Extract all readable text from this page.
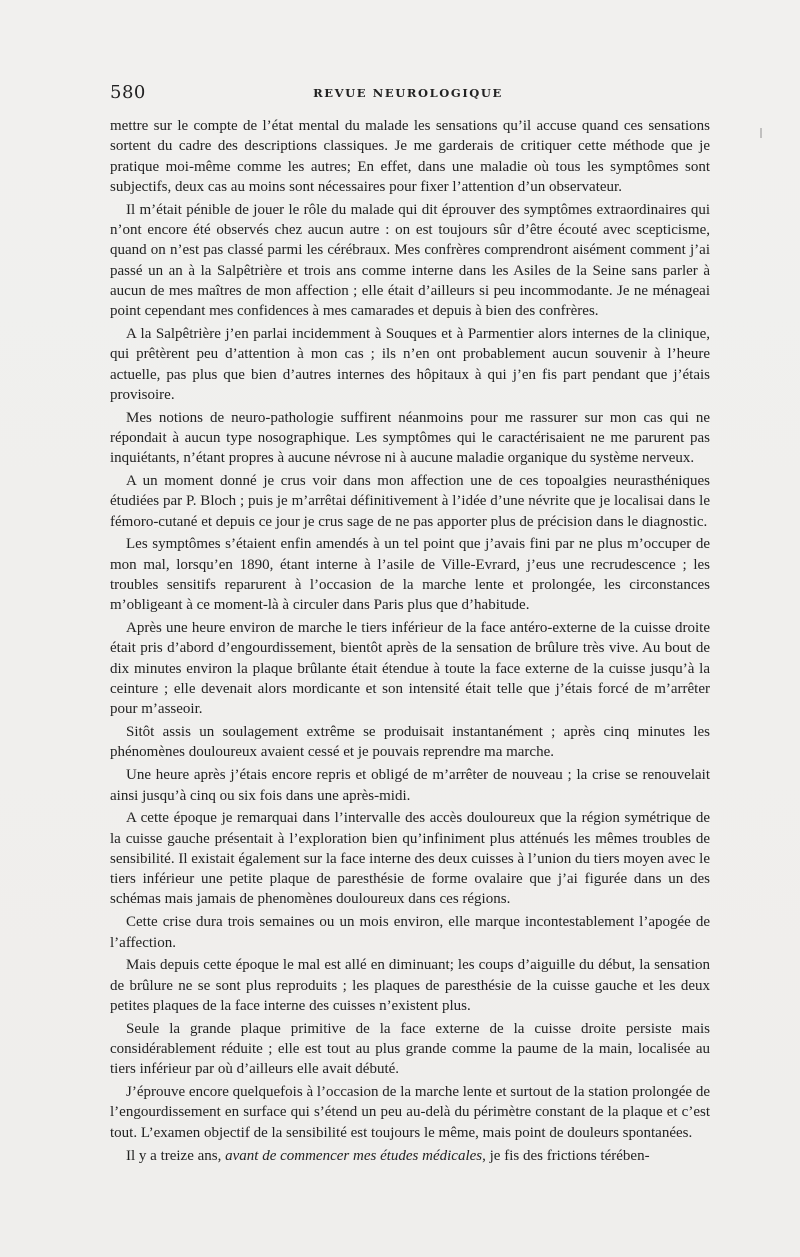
580	REVUE NEUROLOGIQUE

mettre sur le compte de l’état mental du malade les sensations qu’il accuse quand ces sensations sortent du cadre des descriptions classiques. Je me garderais de critiquer cette méthode que je pratique moi-même comme les autres; En effet, dans une maladie où tous les symptômes sont subjectifs, deux cas au moins sont nécessaires pour fixer l’attention d’un observateur.

Il m’était pénible de jouer le rôle du malade qui dit éprouver des symptômes extraordinaires qui n’ont encore été observés chez aucun autre : on est toujours sûr d’être écouté avec scepticisme, quand on n’est pas classé parmi les cérébraux. Mes confrères comprendront aisément comment j’ai passé un an à la Salpêtrière et trois ans comme interne dans les Asiles de la Seine sans parler à aucun de mes maîtres de mon affection ; elle était d’ailleurs si peu incommodante. Je ne ménageai point cependant mes confidences à mes camarades et depuis à bien des confrères.

A la Salpêtrière j’en parlai incidemment à Souques et à Parmentier alors internes de la clinique, qui prêtèrent peu d’attention à mon cas ; ils n’en ont probablement aucun souvenir à l’heure actuelle, pas plus que bien d’autres internes des hôpitaux à qui j’en fis part pendant que j’étais provisoire.

Mes notions de neuro-pathologie suffirent néanmoins pour me rassurer sur mon cas qui ne répondait à aucun type nosographique. Les symptômes qui le caractérisaient ne me parurent pas inquiétants, n’étant propres à aucune névrose ni à aucune maladie organique du système nerveux.

A un moment donné je crus voir dans mon affection une de ces topoalgies neurasthéniques étudiées par P. Bloch ; puis je m’arrêtai définitivement à l’idée d’une névrite que je localisai dans le fémoro-cutané et depuis ce jour je crus sage de ne pas apporter plus de précision dans le diagnostic.

Les symptômes s’étaient enfin amendés à un tel point que j’avais fini par ne plus m’occuper de mon mal, lorsqu’en 1890, étant interne à l’asile de Ville-Evrard, j’eus une recrudescence ; les troubles sensitifs reparurent à l’occasion de la marche lente et prolongée, les circonstances m’obligeant à ce moment-là à circuler dans Paris plus que d’habitude.

Après une heure environ de marche le tiers inférieur de la face antéro-externe de la cuisse droite était pris d’abord d’engourdissement, bientôt après de la sensation de brûlure très vive. Au bout de dix minutes environ la plaque brûlante était étendue à toute la face externe de la cuisse jusqu’à la ceinture ; elle devenait alors mordicante et son intensité était telle que j’étais forcé de m’arrêter pour m’asseoir.

Sitôt assis un soulagement extrême se produisait instantanément ; après cinq minutes les phénomènes douloureux avaient cessé et je pouvais reprendre ma marche.

Une heure après j’étais encore repris et obligé de m’arrêter de nouveau ; la crise se renouvelait ainsi jusqu’à cinq ou six fois dans une après-midi.

A cette époque je remarquai dans l’intervalle des accès douloureux que la région symétrique de la cuisse gauche présentait à l’exploration bien qu’infiniment plus atténués les mêmes troubles de sensibilité. Il existait également sur la face interne des deux cuisses à l’union du tiers moyen avec le tiers inférieur une petite plaque de paresthésie de forme ovalaire que j’ai figurée dans un des schémas mais jamais de phenomènes douloureux dans ces régions.

Cette crise dura trois semaines ou un mois environ, elle marque incontestablement l’apogée de l’affection.

Mais depuis cette époque le mal est allé en diminuant; les coups d’aiguille du début, la sensation de brûlure ne se sont plus reproduits ; les plaques de paresthésie de la cuisse gauche et les deux petites plaques de la face interne des cuisses n’existent plus.

Seule la grande plaque primitive de la face externe de la cuisse droite persiste mais considérablement réduite ; elle est tout au plus grande comme la paume de la main, localisée au tiers inférieur par où d’ailleurs elle avait débuté.

J’éprouve encore quelquefois à l’occasion de la marche lente et surtout de la station prolongée de l’engourdissement en surface qui s’étend un peu au-delà du périmètre constant de la plaque et c’est tout. L’examen objectif de la sensibilité est toujours le même, mais point de douleurs spontanées.

Il y a treize ans, avant de commencer mes études médicales, je fis des frictions térében-
